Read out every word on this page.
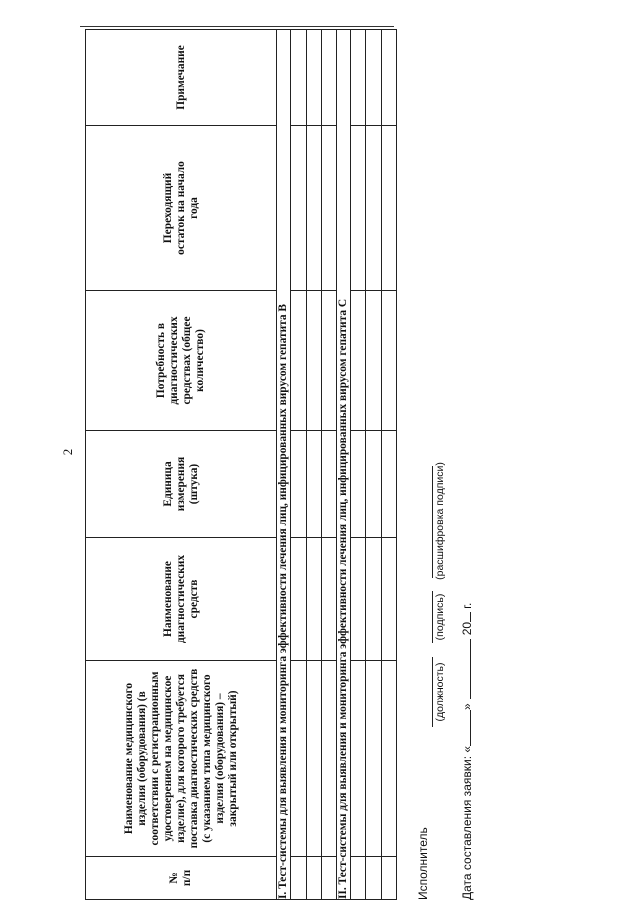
2
№
п/п	Наименование медицинского изделия (оборудования) (в соответствии с регистрационным удостоверением на медицинское изделие), для которого требуется поставка диагностических средств (с указанием типа медицинского изделия (оборудования) – закрытый или открытый)	Наименование диагностических средств	Единица измерения (штука)	Потребность в диагностических средствах (общее количество)	Переходящий остаток на начало года	Примечание
I. Тест-системы для выявления и мониторинга эффективности лечения лиц, инфицированных вирусом гепатита В						

II. Тест-системы для выявления и мониторинга эффективности лечения лиц, инфицированных вирусом гепатита С						

							Исполнитель
(должность)
(подпись)
(расшифровка подписи)
Дата составления заявки: «»20г.
